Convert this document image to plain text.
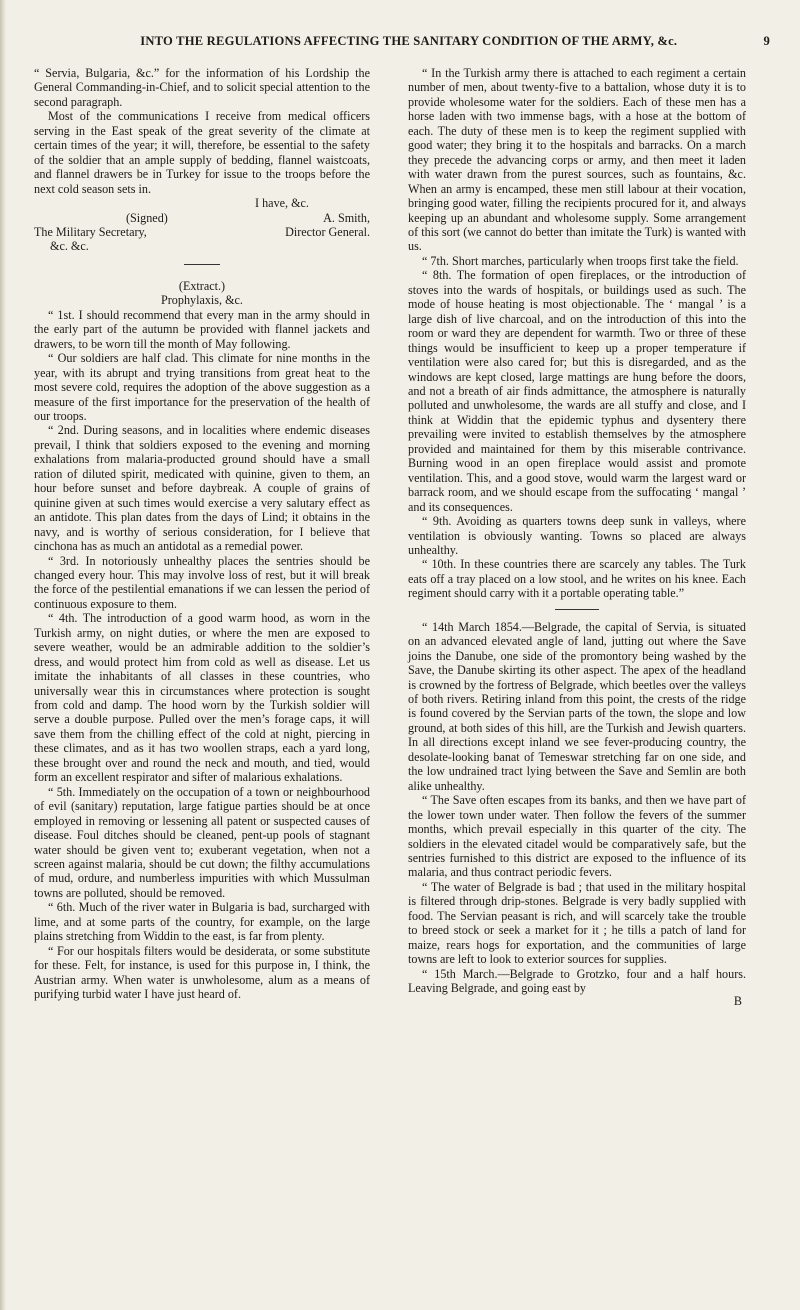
INTO THE REGULATIONS AFFECTING THE SANITARY CONDITION OF THE ARMY, &c.	9

“ Servia, Bulgaria, &c.” for the information of his Lordship the General Commanding-in-Chief, and to solicit special attention to the second paragraph.

Most of the communications I receive from medical officers serving in the East speak of the great severity of the climate at certain times of the year; it will, therefore, be essential to the safety of the soldier that an ample supply of bedding, flannel waistcoats, and flannel drawers be in Turkey for issue to the troops before the next cold season sets in.

I have, &c.
(Signed)	A. Smith,
The Military Secretary,	Director General.
&c. &c.
(Extract.)
Prophylaxis, &c.

“ 1st. I should recommend that every man in the army should in the early part of the autumn be provided with flannel jackets and drawers, to be worn till the month of May following.

“ Our soldiers are half clad. This climate for nine months in the year, with its abrupt and trying transitions from great heat to the most severe cold, requires the adoption of the above suggestion as a measure of the first importance for the preservation of the health of our troops.

“ 2nd. During seasons, and in localities where endemic diseases prevail, I think that soldiers exposed to the evening and morning exhalations from malaria-producted ground should have a small ration of diluted spirit, medicated with quinine, given to them, an hour before sunset and before daybreak. A couple of grains of quinine given at such times would exercise a very salutary effect as an antidote. This plan dates from the days of Lind; it obtains in the navy, and is worthy of serious consideration, for I believe that cinchona has as much an antidotal as a remedial power.

“ 3rd. In notoriously unhealthy places the sentries should be changed every hour. This may involve loss of rest, but it will break the force of the pestilential emanations if we can lessen the period of continuous exposure to them.

“ 4th. The introduction of a good warm hood, as worn in the Turkish army, on night duties, or where the men are exposed to severe weather, would be an admirable addition to the soldier’s dress, and would protect him from cold as well as disease. Let us imitate the inhabitants of all classes in these countries, who universally wear this in circumstances where protection is sought from cold and damp. The hood worn by the Turkish soldier will serve a double purpose. Pulled over the men’s forage caps, it will save them from the chilling effect of the cold at night, piercing in these climates, and as it has two woollen straps, each a yard long, these brought over and round the neck and mouth, and tied, would form an excellent respirator and sifter of malarious exhalations.

“ 5th. Immediately on the occupation of a town or neighbourhood of evil (sanitary) reputation, large fatigue parties should be at once employed in removing or lessening all patent or suspected causes of disease. Foul ditches should be cleaned, pent-up pools of stagnant water should be given vent to; exuberant vegetation, when not a screen against malaria, should be cut down; the filthy accumulations of mud, ordure, and numberless impurities with which Mussulman towns are polluted, should be removed.

“ 6th. Much of the river water in Bulgaria is bad, surcharged with lime, and at some parts of the country, for example, on the large plains stretching from Widdin to the east, is far from plenty.

“ For our hospitals filters would be desiderata, or some substitute for these. Felt, for instance, is used for this purpose in, I think, the Austrian army. When water is unwholesome, alum as a means of purifying turbid water I have just heard of.

“ In the Turkish army there is attached to each regiment a certain number of men, about twenty-five to a battalion, whose duty it is to provide wholesome water for the soldiers. Each of these men has a horse laden with two immense bags, with a hose at the bottom of each. The duty of these men is to keep the regiment supplied with good water; they bring it to the hospitals and barracks. On a march they precede the advancing corps or army, and then meet it laden with water drawn from the purest sources, such as fountains, &c. When an army is encamped, these men still labour at their vocation, bringing good water, filling the recipients procured for it, and always keeping up an abundant and wholesome supply. Some arrangement of this sort (we cannot do better than imitate the Turk) is wanted with us.

“ 7th. Short marches, particularly when troops first take the field.

“ 8th. The formation of open fireplaces, or the introduction of stoves into the wards of hospitals, or buildings used as such. The mode of house heating is most objectionable. The ‘ mangal ’ is a large dish of live charcoal, and on the introduction of this into the room or ward they are dependent for warmth. Two or three of these things would be insufficient to keep up a proper temperature if ventilation were also cared for; but this is disregarded, and as the windows are kept closed, large mattings are hung before the doors, and not a breath of air finds admittance, the atmosphere is naturally polluted and unwholesome, the wards are all stuffy and close, and I think at Widdin that the epidemic typhus and dysentery there prevailing were invited to establish themselves by the atmosphere provided and maintained for them by this miserable contrivance. Burning wood in an open fireplace would assist and promote ventilation. This, and a good stove, would warm the largest ward or barrack room, and we should escape from the suffocating ‘ mangal ’ and its consequences.

“ 9th. Avoiding as quarters towns deep sunk in valleys, where ventilation is obviously wanting. Towns so placed are always unhealthy.

“ 10th. In these countries there are scarcely any tables. The Turk eats off a tray placed on a low stool, and he writes on his knee. Each regiment should carry with it a portable operating table.”

“ 14th March 1854.—Belgrade, the capital of Servia, is situated on an advanced elevated angle of land, jutting out where the Save joins the Danube, one side of the promontory being washed by the Save, the Danube skirting its other aspect. The apex of the headland is crowned by the fortress of Belgrade, which beetles over the valleys of both rivers. Retiring inland from this point, the crests of the ridge is found covered by the Servian parts of the town, the slope and low ground, at both sides of this hill, are the Turkish and Jewish quarters. In all directions except inland we see fever-producing country, the desolate-looking banat of Temeswar stretching far on one side, and the low undrained tract lying between the Save and Semlin are both alike unhealthy.

“ The Save often escapes from its banks, and then we have part of the lower town under water. Then follow the fevers of the summer months, which prevail especially in this quarter of the city. The soldiers in the elevated citadel would be comparatively safe, but the sentries furnished to this district are exposed to the influence of its malaria, and thus contract periodic fevers.

“ The water of Belgrade is bad ; that used in the military hospital is filtered through drip-stones. Belgrade is very badly supplied with food. The Servian peasant is rich, and will scarcely take the trouble to breed stock or seek a market for it ; he tills a patch of land for maize, rears hogs for exportation, and the communities of large towns are left to look to exterior sources for supplies.

“ 15th March.—Belgrade to Grotzko, four and a half hours. Leaving Belgrade, and going east by

B
